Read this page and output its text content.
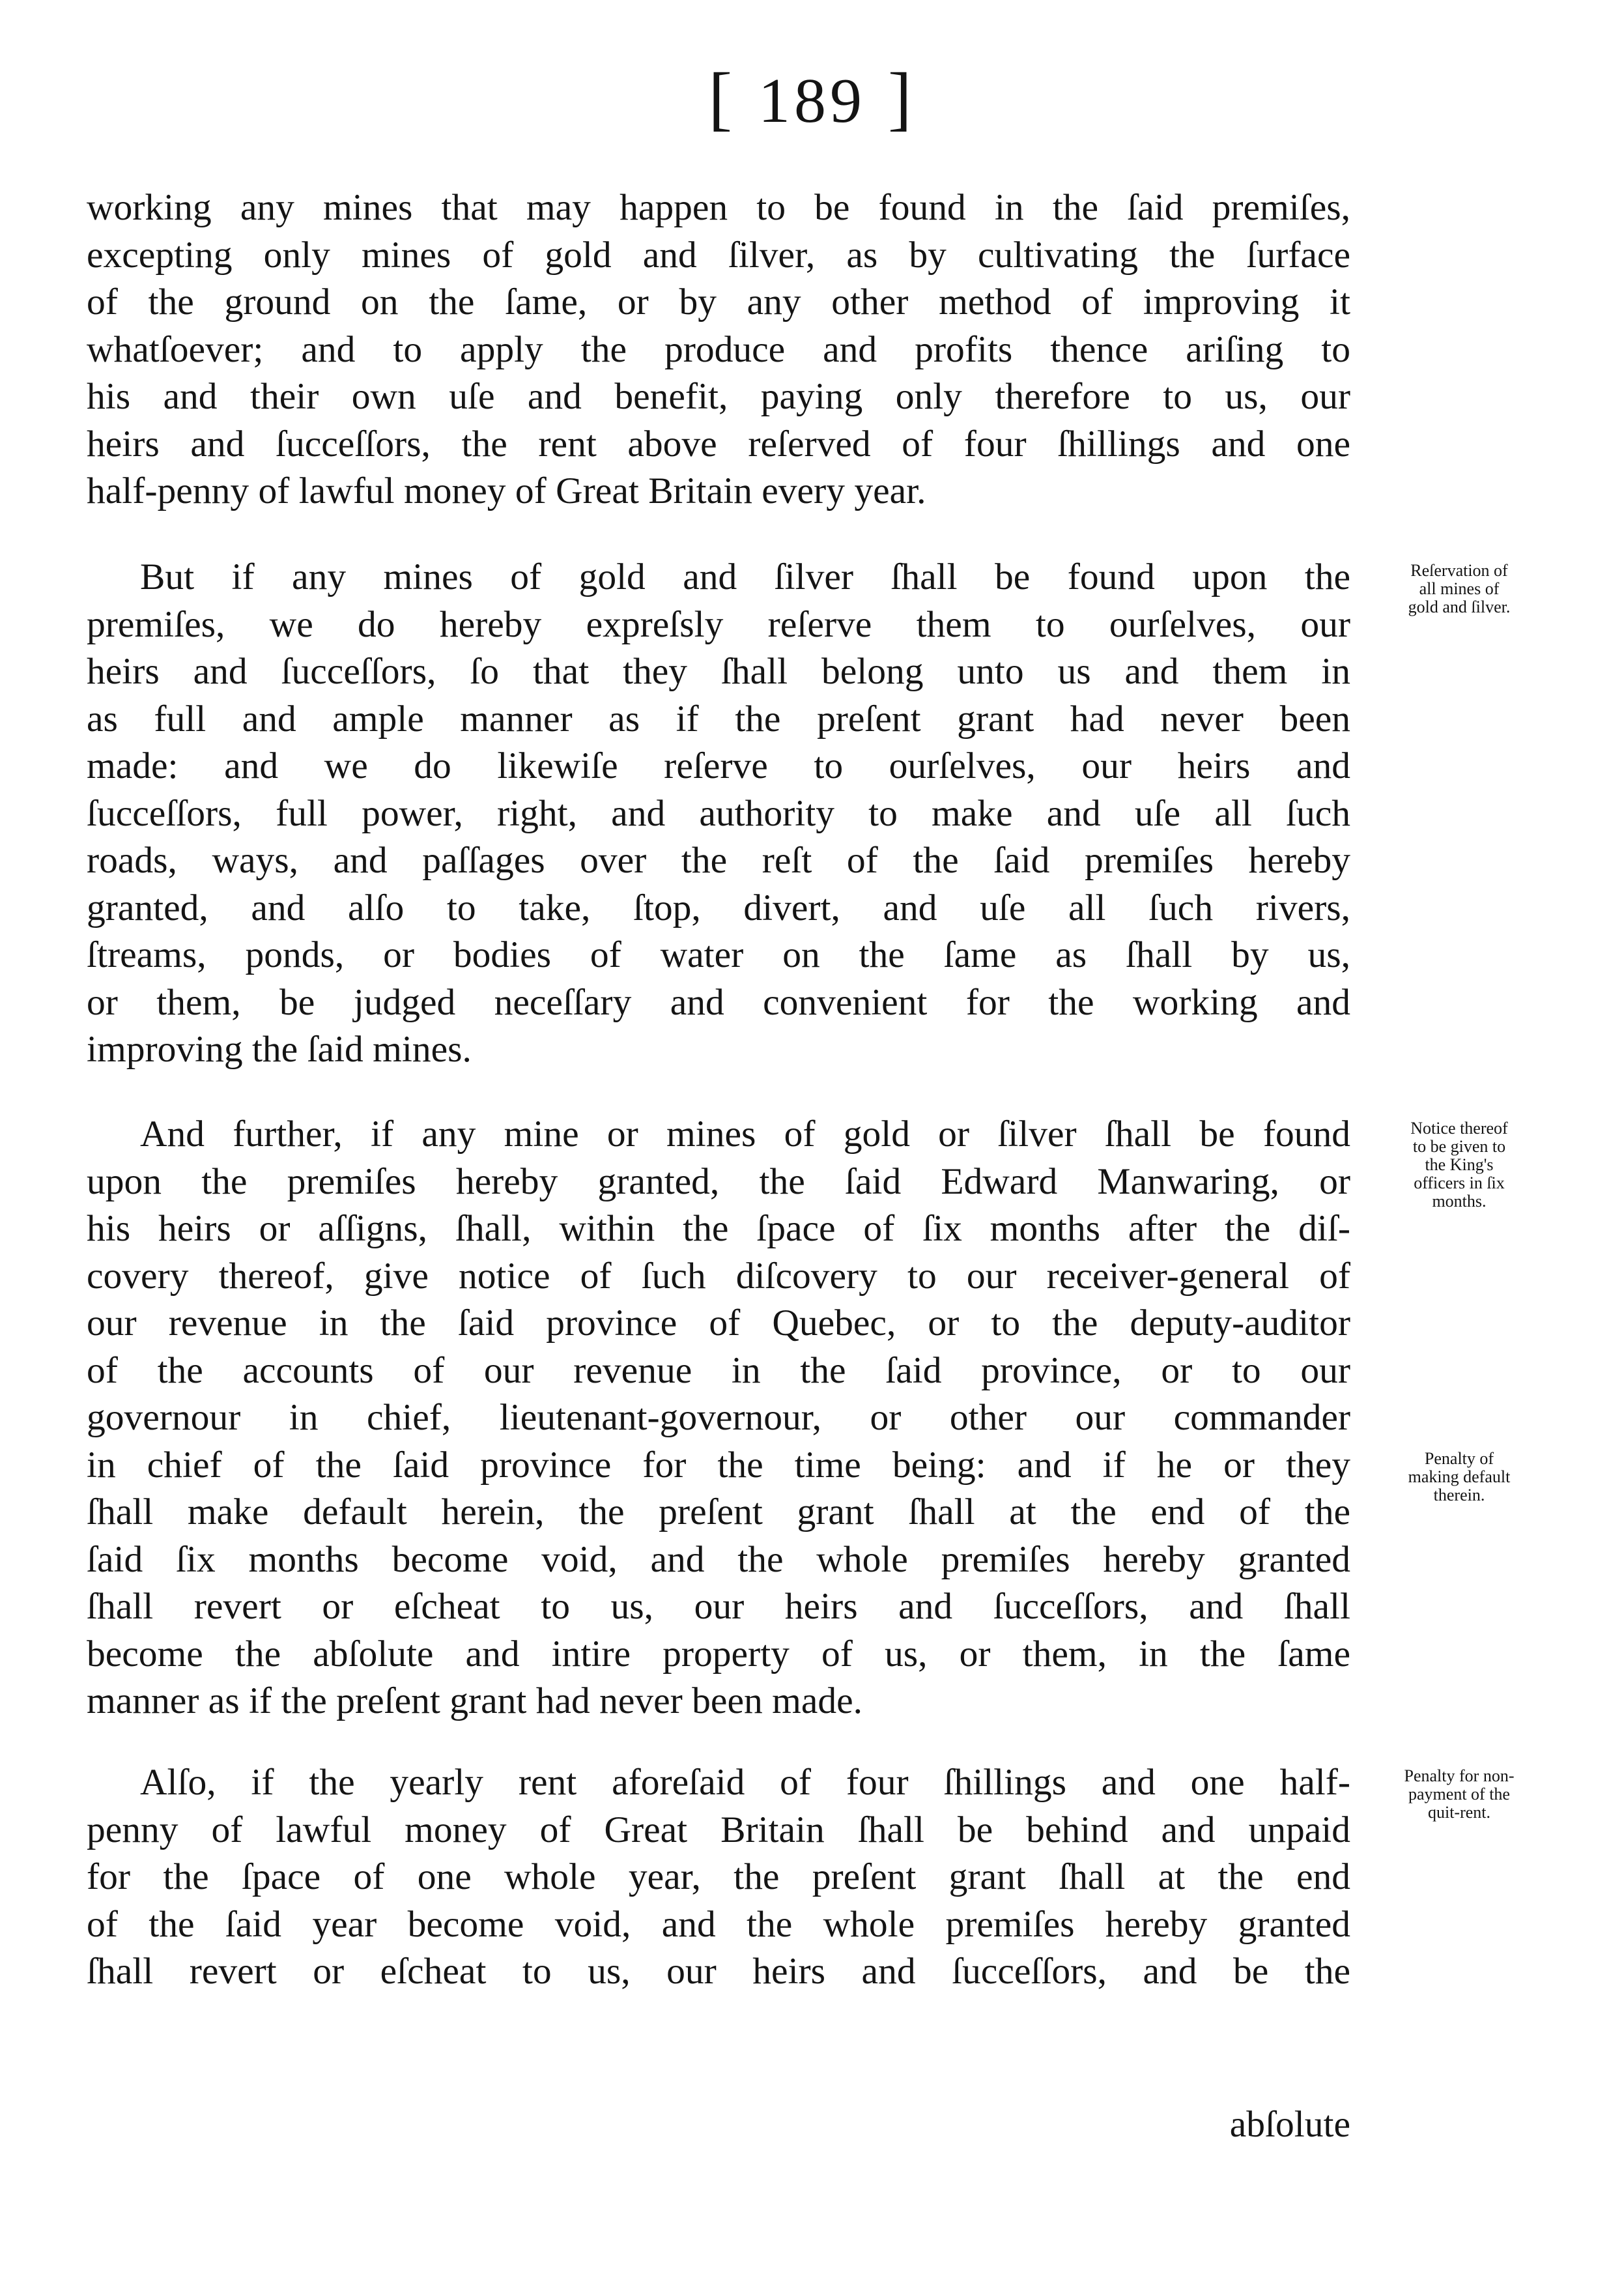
[ 189 ]

working any mines that may happen to be found in the ſaid premiſes,
excepting only mines of gold and ſilver, as by cultivating the ſurface
of the ground on the ſame, or by any other method of improving it
whatſoever; and to apply the produce and profits thence ariſing to
his and their own uſe and benefit, paying only therefore to us, our
heirs and ſucceſſors, the rent above reſerved of four ſhillings and one
half-penny of lawful money of Great Britain every year.

But if any mines of gold and ſilver ſhall be found upon the
premiſes, we do hereby expreſsly reſerve them to ourſelves, our
heirs and ſucceſſors, ſo that they ſhall belong unto us and them in
as full and ample manner as if the preſent grant had never been
made: and we do likewiſe reſerve to ourſelves, our heirs and
ſucceſſors, full power, right, and authority to make and uſe all ſuch
roads, ways, and paſſages over the reſt of the ſaid premiſes hereby
granted, and alſo to take, ſtop, divert, and uſe all ſuch rivers,
ſtreams, ponds, or bodies of water on the ſame as ſhall by us,
or them, be judged neceſſary and convenient for the working and
improving the ſaid mines.

And further, if any mine or mines of gold or ſilver ſhall be found
upon the premiſes hereby granted, the ſaid Edward Manwaring, or
his heirs or aſſigns, ſhall, within the ſpace of ſix months after the diſ-
covery thereof, give notice of ſuch diſcovery to our receiver-general of
our revenue in the ſaid province of Quebec, or to the deputy-auditor
of the accounts of our revenue in the ſaid province, or to our
governour in chief, lieutenant-governour, or other our commander
in chief of the ſaid province for the time being: and if he or they
ſhall make default herein, the preſent grant ſhall at the end of the
ſaid ſix months become void, and the whole premiſes hereby granted
ſhall revert or eſcheat to us, our heirs and ſucceſſors, and ſhall
become the abſolute and intire property of us, or them, in the ſame
manner as if the preſent grant had never been made.

Alſo, if the yearly rent aforeſaid of four ſhillings and one half-
penny of lawful money of Great Britain ſhall be behind and unpaid
for the ſpace of one whole year, the preſent grant ſhall at the end
of the ſaid year become void, and the whole premiſes hereby granted
ſhall revert or eſcheat to us, our heirs and ſucceſſors, and be the

abſolute
Reſervation of
all mines of
gold and ſilver.
Notice thereof
to be given to
the King's
officers in ſix
months.
Penalty of
making default
therein.
Penalty for non-
payment of the
quit-rent.
